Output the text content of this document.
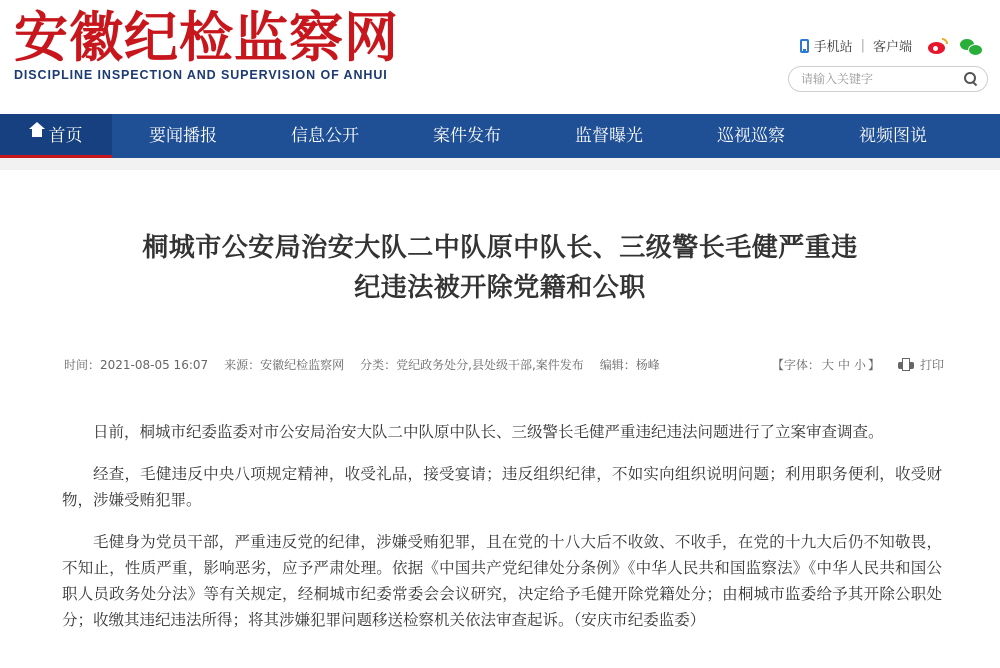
安徽纪检监察网
DISCIPLINE INSPECTION AND SUPERVISION OF ANHUI
手机站 | 客户端
请输入关键字
首页	要闻播报	信息公开	案件发布	监督曝光	巡视巡察	视频图说
桐城市公安局治安大队二中队原中队长、三级警长毛健严重违
纪违法被开除党籍和公职
时间：2021-08-05 16:07 来源：安徽纪检监察网 分类：党纪政务处分,县处级干部,案件发布 编辑：杨峰	【字体： 大 中 小 】	打印

日前，桐城市纪委监委对市公安局治安大队二中队原中队长、三级警长毛健严重违纪违法问题进行了立案审查调查。

经查，毛健违反中央八项规定精神，收受礼品，接受宴请；违反组织纪律，不如实向组织说明问题；利用职务便利，收受财物，涉嫌受贿犯罪。

毛健身为党员干部，严重违反党的纪律，涉嫌受贿犯罪，且在党的十八大后不收敛、不收手，在党的十九大后仍不知敬畏，不知止，性质严重，影响恶劣，应予严肃处理。依据《中国共产党纪律处分条例》《中华人民共和国监察法》《中华人民共和国公职人员政务处分法》等有关规定，经桐城市纪委常委会会议研究，决定给予毛健开除党籍处分；由桐城市监委给予其开除公职处分；收缴其违纪违法所得；将其涉嫌犯罪问题移送检察机关依法审查起诉。（安庆市纪委监委）
